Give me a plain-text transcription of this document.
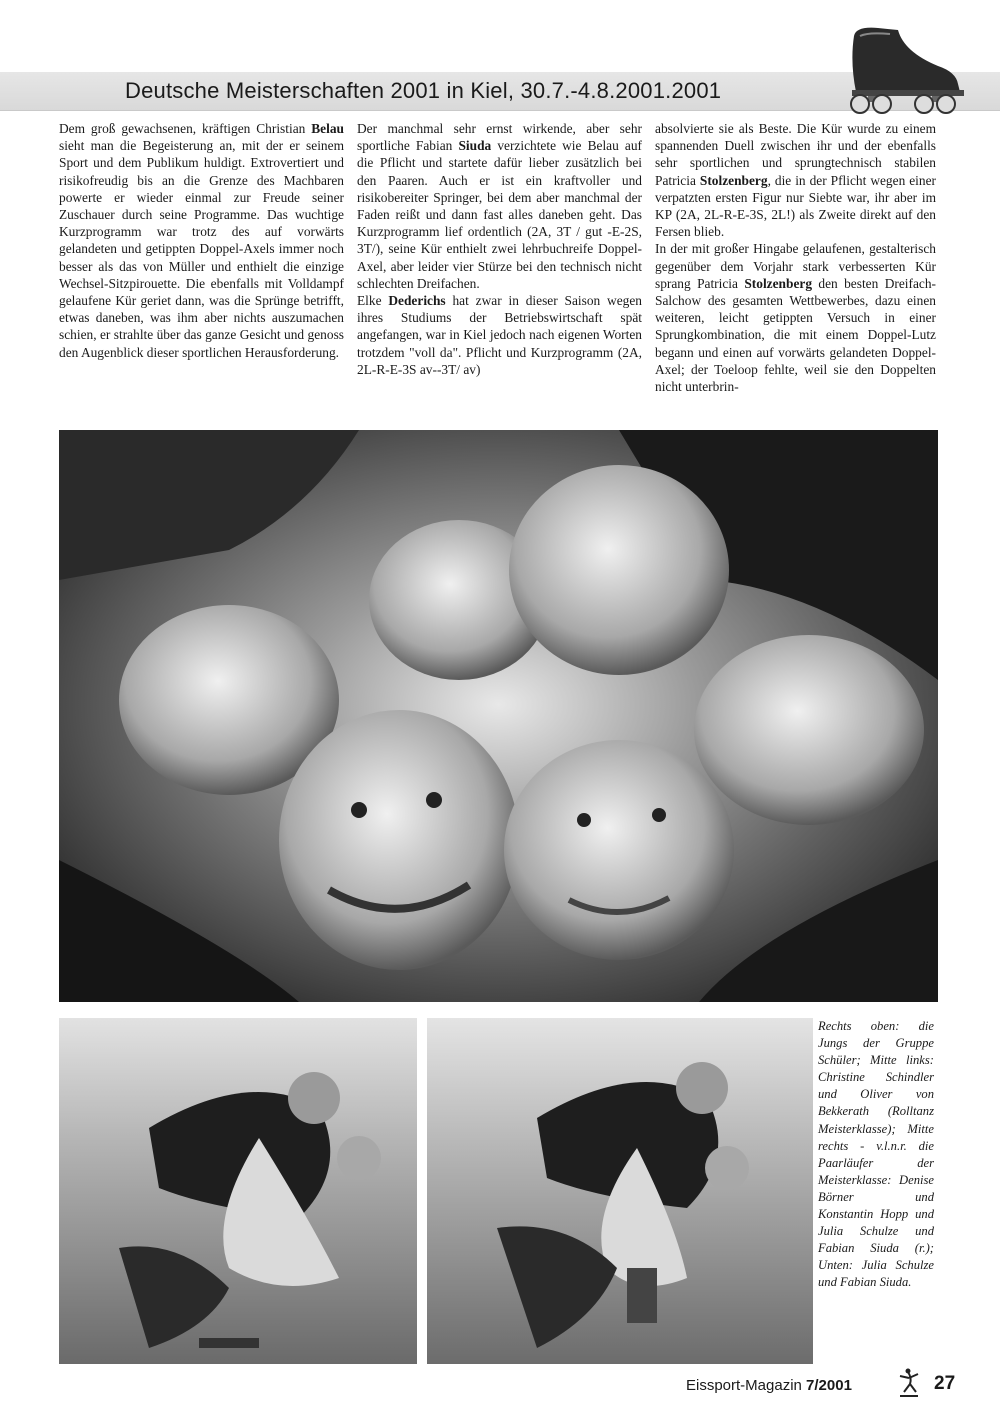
Deutsche Meisterschaften 2001 in Kiel, 30.7.-4.8.2001.2001

Dem groß gewachsenen, kräftigen Christian Belau sieht man die Begeisterung an, mit der er seinem Sport und dem Publikum huldigt. Extrovertiert und risikofreudig bis an die Grenze des Machbaren powerte er wieder einmal zur Freude seiner Zuschauer durch seine Programme. Das wuchtige Kurzprogramm war trotz des auf vorwärts gelandeten und getippten Doppel-Axels immer noch besser als das von Müller und enthielt die einzige Wechsel-Sitzpirouette. Die ebenfalls mit Volldampf gelaufene Kür geriet dann, was die Sprünge betrifft, etwas daneben, was ihm aber nichts auszumachen schien, er strahlte über das ganze Gesicht und genoss den Augenblick dieser sportlichen Herausforderung.

Der manchmal sehr ernst wirkende, aber sehr sportliche Fabian Siuda verzichtete wie Belau auf die Pflicht und startete dafür lieber zusätzlich bei den Paaren. Auch er ist ein kraftvoller und risikobereiter Springer, bei dem aber manchmal der Faden reißt und dann fast alles daneben geht. Das Kurzprogramm lief ordentlich (2A, 3T / gut -E-2S, 3T/), seine Kür enthielt zwei lehrbuchreife Doppel-Axel, aber leider vier Stürze bei den technisch nicht schlechten Dreifachen.

Elke Dederichs hat zwar in dieser Saison wegen ihres Studiums der Betriebswirtschaft spät angefangen, war in Kiel jedoch nach eigenen Worten trotzdem "voll da". Pflicht und Kurzprogramm (2A, 2L-R-E-3S av--3T/ av)

absolvierte sie als Beste. Die Kür wurde zu einem spannenden Duell zwischen ihr und der ebenfalls sehr sportlichen und sprungtechnisch stabilen Patricia Stolzenberg, die in der Pflicht wegen einer verpatzten ersten Figur nur Siebte war, ihr aber im KP (2A, 2L-R-E-3S, 2L!) als Zweite direkt auf den Fersen blieb.

In der mit großer Hingabe gelaufenen, gestalterisch gegenüber dem Vorjahr stark verbesserten Kür sprang Patricia Stolzenberg den besten Dreifach-Salchow des gesamten Wettbewerbes, dazu einen weiteren, leicht getippten Versuch in einer Sprungkombination, die mit einem Doppel-Lutz begann und einen auf vorwärts gelandeten Doppel-Axel; der Toeloop fehlte, weil sie den Doppelten nicht unterbrin-

Rechts oben: die Jungs der Gruppe Schüler; Mitte links: Christine Schindler und Oliver von Bekkerath (Rolltanz Meisterklasse); Mitte rechts - v.l.n.r. die Paarläufer der Meisterklasse: Denise Börner und Konstantin Hopp und Julia Schulze und Fabian Siuda (r.); Unten: Julia Schulze und Fabian Siuda.
Eissport-Magazin 7/2001	27
